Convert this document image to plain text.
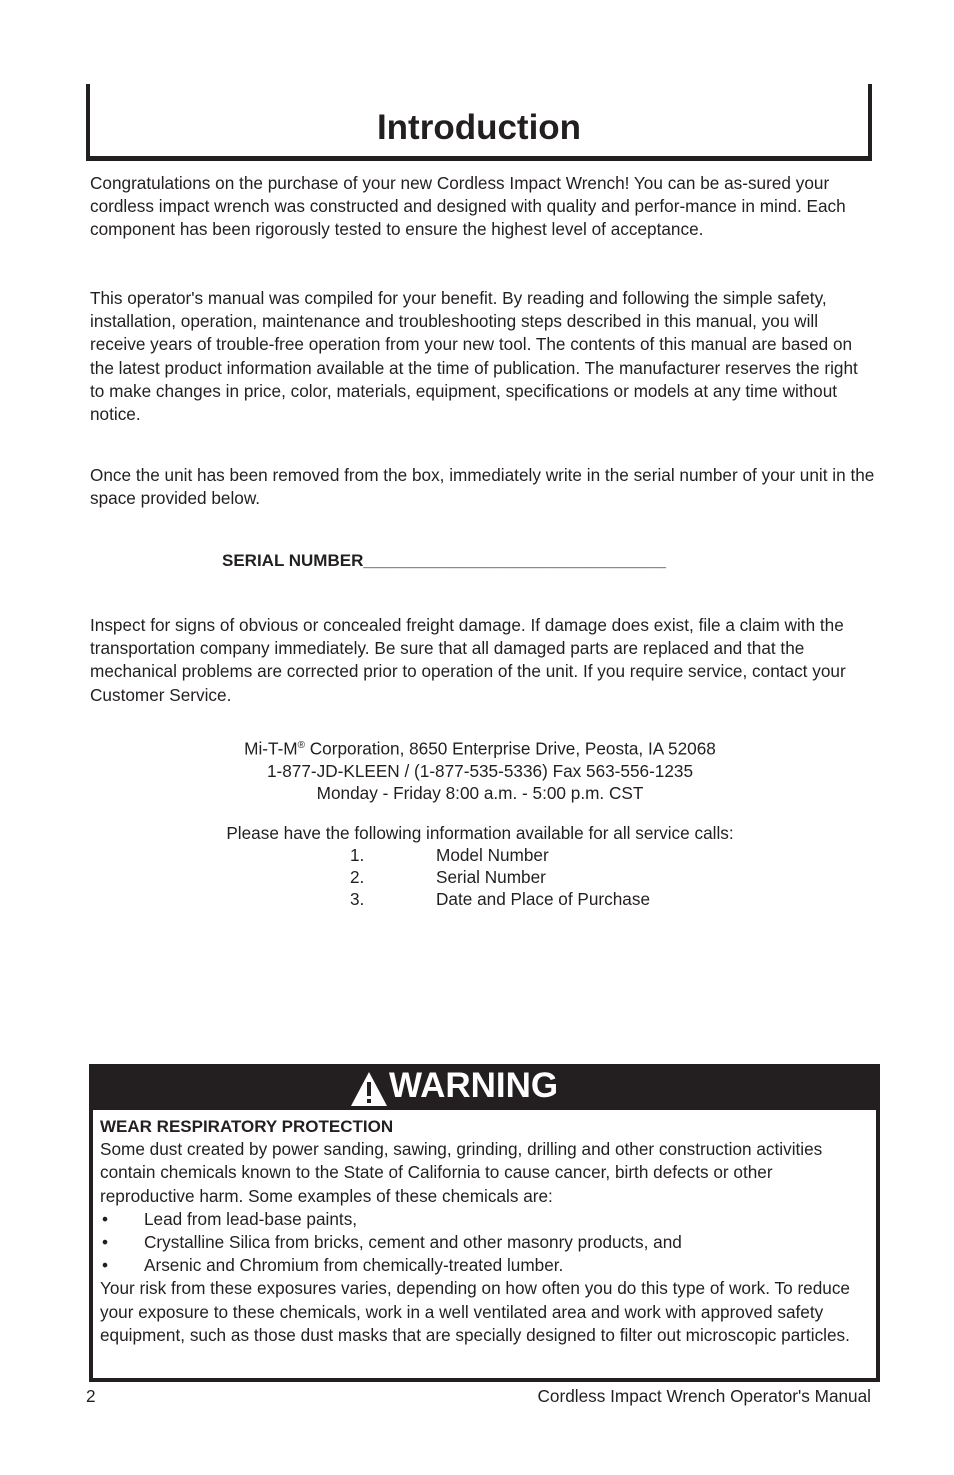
Introduction
Congratulations on the purchase of your new Cordless Impact Wrench! You can be as-sured your cordless impact wrench was constructed and designed with quality and perfor-mance in mind. Each component has been rigorously tested to ensure the highest level of acceptance.
This operator's manual was compiled for your benefit. By reading and following the simple safety, installation, operation, maintenance and troubleshooting steps described in this manual, you will receive years of trouble-free operation from your new tool. The contents of this manual are based on the latest product information available at the time of publication. The manufacturer reserves the right to make changes in price, color, materials, equipment, specifications or models at any time without notice.
Once the unit has been removed from the box, immediately write in the serial number of your unit in the space provided below.
SERIAL NUMBER________________________________
Inspect for signs of obvious or concealed freight damage. If damage does exist, file a claim with the transportation company immediately. Be sure that all damaged parts are replaced and that the mechanical problems are corrected prior to operation of the unit. If you require service, contact your Customer Service.
Mi-T-M® Corporation, 8650 Enterprise Drive, Peosta, IA 52068
1-877-JD-KLEEN / (1-877-535-5336) Fax 563-556-1235
Monday - Friday 8:00 a.m. - 5:00 p.m. CST
Please have the following information available for all service calls:
1.	Model Number
2.	Serial Number
3.	Date and Place of Purchase
WARNING
WEAR RESPIRATORY PROTECTION
Some dust created by power sanding, sawing, grinding, drilling and other construction activities contain chemicals known to the State of California to cause cancer, birth defects or other reproductive harm. Some examples of these chemicals are:
• Lead from lead-base paints,
• Crystalline Silica from bricks, cement and other masonry products, and
• Arsenic and Chromium from chemically-treated lumber.
Your risk from these exposures varies, depending on how often you do this type of work. To reduce your exposure to these chemicals, work in a well ventilated area and work with approved safety equipment, such as those dust masks that are specially designed to filter out microscopic particles.
2	Cordless Impact Wrench Operator's Manual
